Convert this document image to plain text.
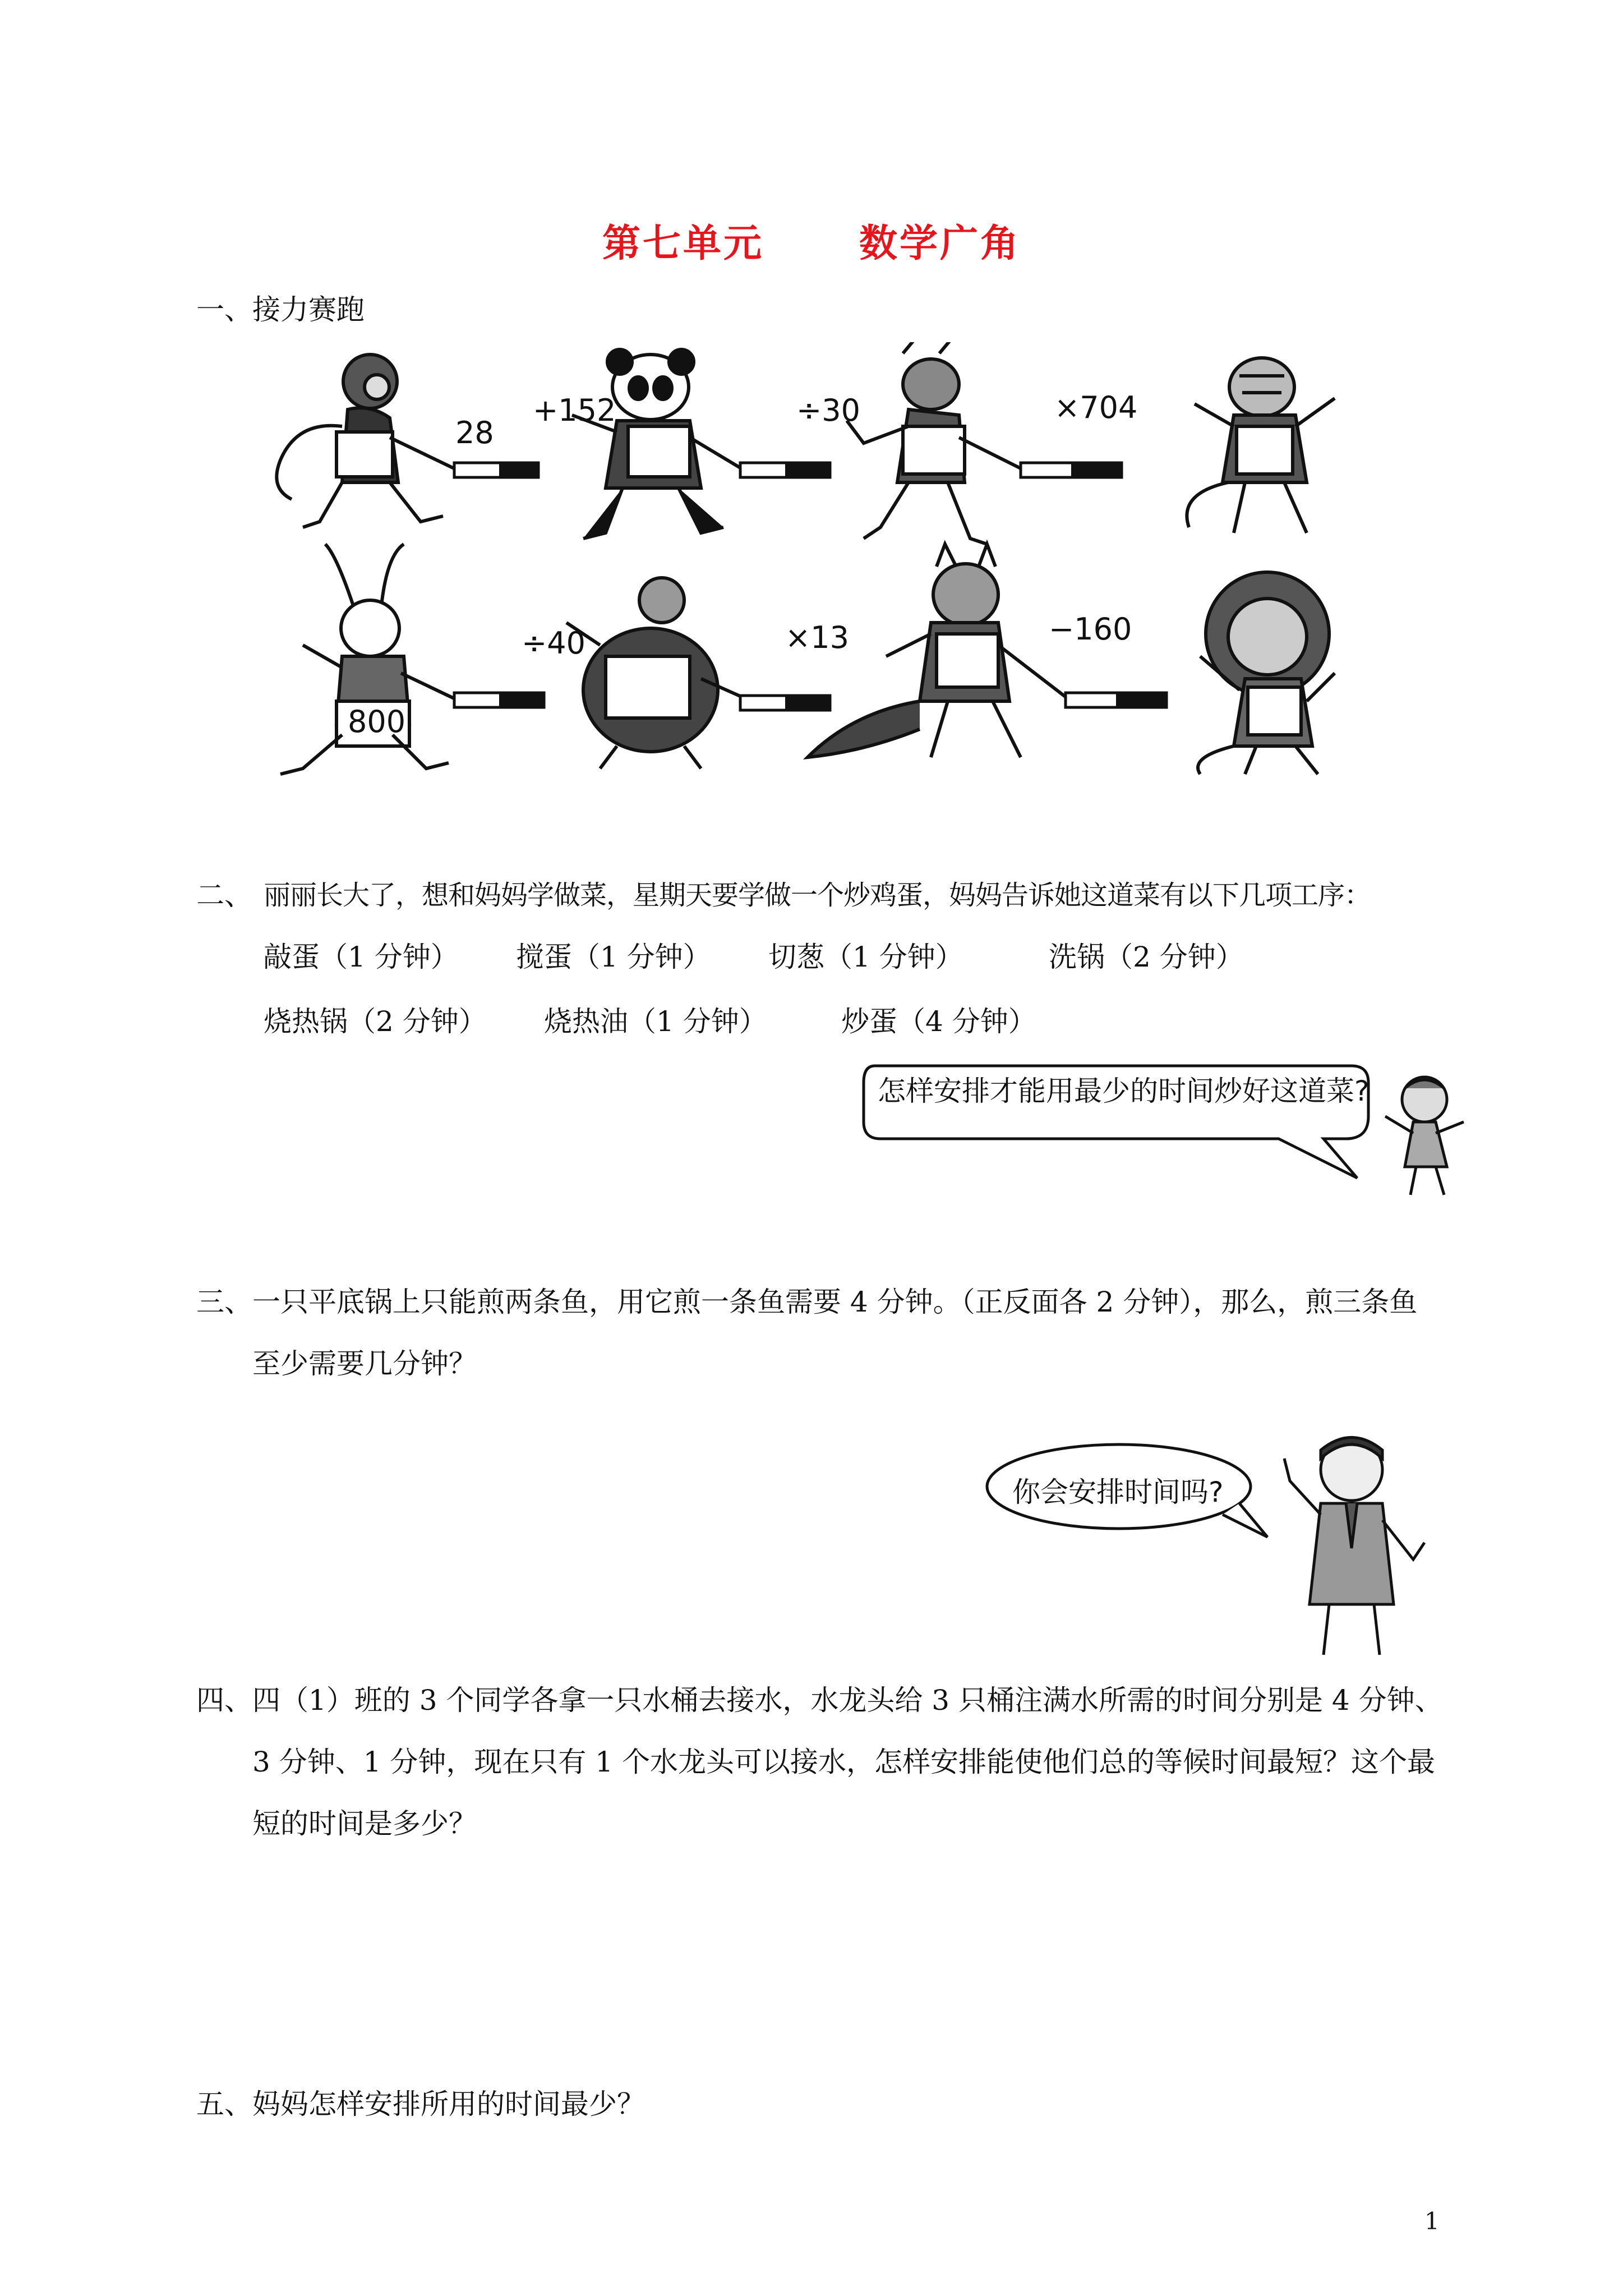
第七单元	数学广角
一、接力赛跑
28
+152	÷30	×704
800
÷40	×13	−160
二、 丽丽长大了，想和妈妈学做菜，星期天要学做一个炒鸡蛋，妈妈告诉她这道菜有以下几项工序：
敲蛋（1 分钟） 搅蛋（1 分钟） 切葱（1 分钟）	洗锅（2 分钟）
烧热锅（2 分钟） 烧热油（1 分钟）	炒蛋（4 分钟）
怎样安排才能用最少的时间炒好这道菜?
三、一只平底锅上只能煎两条鱼，用它煎一条鱼需要 4 分钟。（正反面各 2 分钟），那么，煎三条鱼
至少需要几分钟？
你会安排时间吗?
四、四（1）班的 3 个同学各拿一只水桶去接水，水龙头给 3 只桶注满水所需的时间分别是 4 分钟、
3 分钟、1 分钟，现在只有 1 个水龙头可以接水，怎样安排能使他们总的等候时间最短？这个最
短的时间是多少？
五、妈妈怎样安排所用的时间最少？
1
